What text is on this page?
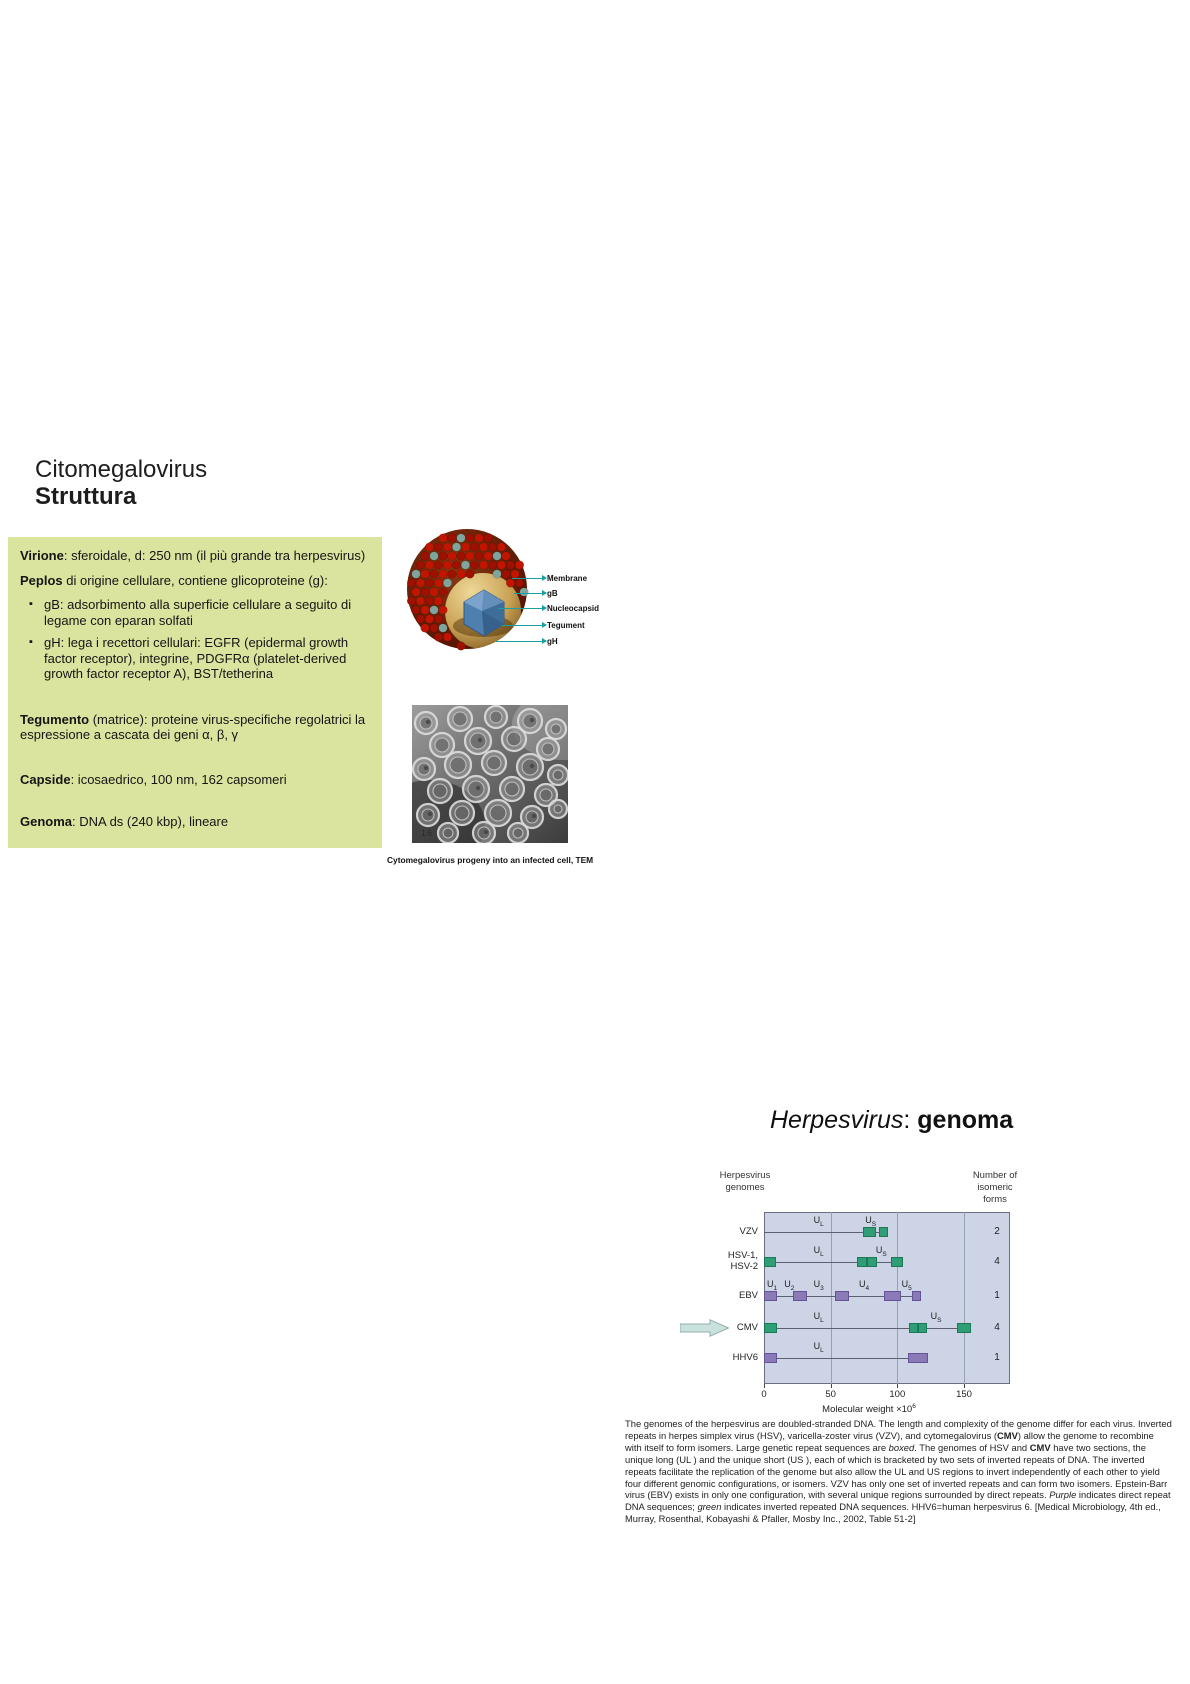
Citomegalovirus
Struttura

Virione: sferoidale, d: 250 nm (il più grande tra herpesvirus)

Peplos di origine cellulare, contiene glicoproteine (g):

▪ gB: adsorbimento alla superficie cellulare a seguito di legame con eparan solfati
▪ gH: lega i recettori cellulari: EGFR (epidermal growth factor receptor), integrine, PDGFRα (platelet-derived growth factor receptor A), BST/tetherina

Tegumento (matrice): proteine virus-specifiche regolatrici la espressione a cascata dei geni α, β, γ

Capside: icosaedrico, 100 nm, 162 capsomeri

Genoma: DNA ds (240 kbp), lineare

Membrane
gB
Nucleocapsid
Tegument
gH
16
Cytomegalovirus progeny into an infected cell, TEM
Herpesvirus: genoma
Herpesvirus
genomes
Number of
isomeric
forms
0	50	100	150
VZV
$U_L$	$U_S$
2
HSV-1,
HSV-2
$U_L$	$U_S$
4
EBV
$U_1$ $U_2$	$U_3$	$U_4$	$U_5$
1
CMV
$U_L$	$U_S$
4
HHV6
$U_L$
1
Molecular weight $\times 10^6$
The genomes of the herpesvirus are doubled-stranded DNA. The length and complexity of the genome differ for each virus. Inverted repeats in herpes simplex virus (HSV), varicella-zoster virus (VZV), and cytomegalovirus (CMV) allow the genome to recombine with itself to form isomers. Large genetic repeat sequences are boxed. The genomes of HSV and CMV have two sections, the unique long (UL ) and the unique short (US ), each of which is bracketed by two sets of inverted repeats of DNA. The inverted repeats facilitate the replication of the genome but also allow the UL and US regions to invert independently of each other to yield four different genomic configurations, or isomers. VZV has only one set of inverted repeats and can form two isomers. Epstein-Barr virus (EBV) exists in only one configuration, with several unique regions surrounded by direct repeats. Purple indicates direct repeat DNA sequences; green indicates inverted repeated DNA sequences. HHV6=human herpesvirus 6. [Medical Microbiology, 4th ed., Murray, Rosenthal, Kobayashi & Pfaller, Mosby Inc., 2002, Table 51-2]
